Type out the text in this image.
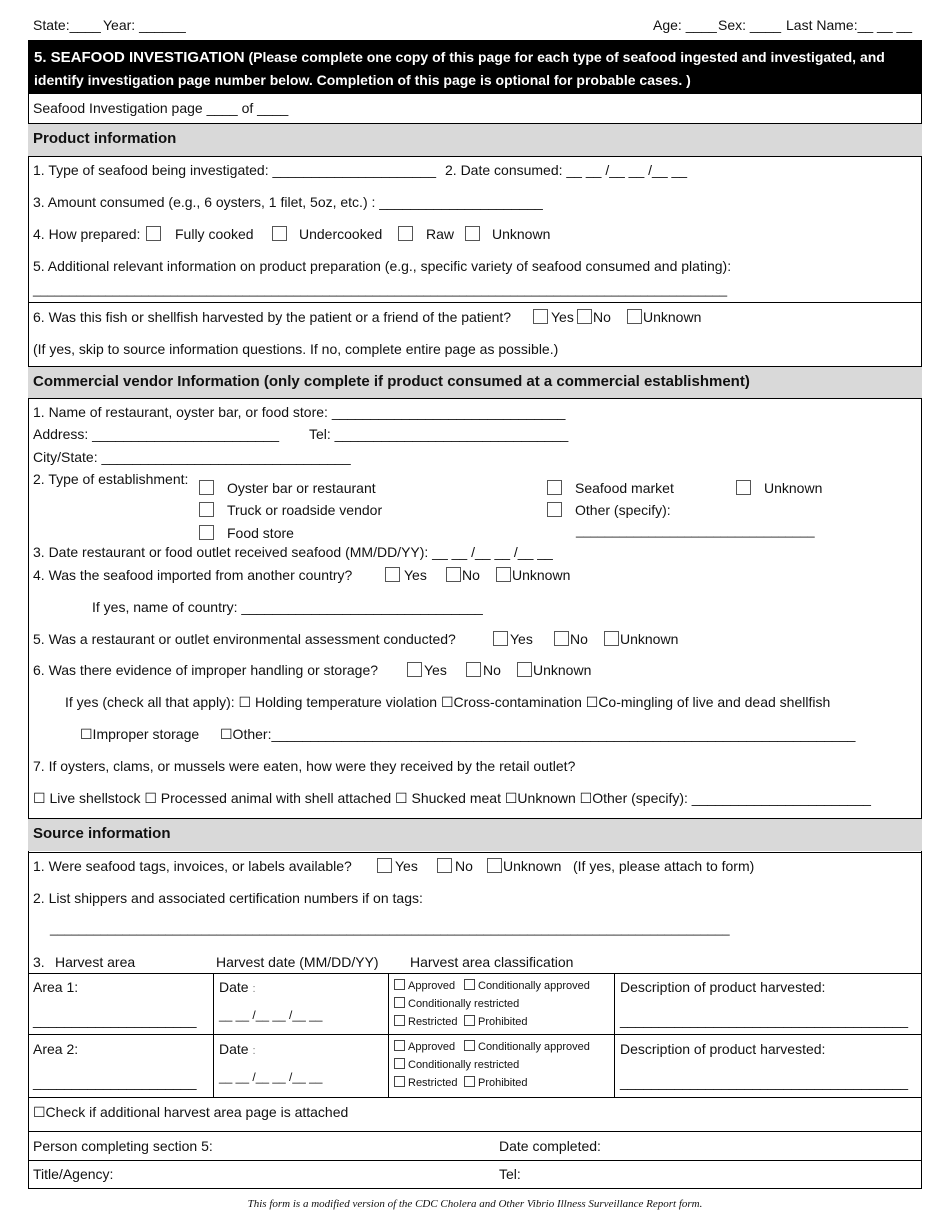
State:____ Year: ______	Age: ____ Sex: ____ Last Name:__ __ __
5. SEAFOOD INVESTIGATION (Please complete one copy of this page for each type of seafood ingested and investigated, and identify investigation page number below. Completion of this page is optional for probable cases. )
Seafood Investigation page ____ of ____
Product information
1. Type of seafood being investigated: _____________________ 2. Date consumed: __ __ /__ __ /__ __
3. Amount consumed (e.g., 6 oysters, 1 filet, 5oz, etc.) : _____________________
4. How prepared:	Fully cooked	Undercooked	Raw	Unknown
5. Additional relevant information on product preparation (e.g., specific variety of seafood consumed and plating):
________________________________________________________________________________________________
6. Was this fish or shellfish harvested by the patient or a friend of the patient?	Yes	No	Unknown
(If yes, skip to source information questions. If no, complete entire page as possible.)
Commercial vendor Information (only complete if product consumed at a commercial establishment)
1. Name of restaurant, oyster bar, or food store: ______________________________
Address: ________________________ Tel: ______________________________
City/State: ________________________________
2. Type of establishment:
Oyster bar or restaurant
Truck or roadside vendor
Food store
Seafood market
Other (specify):
Unknown
_________________________________
3. Date restaurant or food outlet received seafood (MM/DD/YY): __ __ /__ __ /__ __
4. Was the seafood imported from another country?	Yes	No	Unknown
If yes, name of country: _______________________________
5. Was a restaurant or outlet environmental assessment conducted?	Yes	No	Unknown
6. Was there evidence of improper handling or storage?	Yes	No	Unknown
If yes (check all that apply): ☐ Holding temperature violation ☐Cross-contamination ☐Co-mingling of live and dead shellfish
☐Improper storage ☐Other:___________________________________________________________________________
7. If oysters, clams, or mussels were eaten, how were they received by the retail outlet?
☐ Live shellstock ☐ Processed animal with shell attached ☐ Shucked meat ☐Unknown ☐Other (specify): _______________________
Source information
1. Were seafood tags, invoices, or labels available?	Yes	No	Unknown (If yes, please attach to form)
2. List shippers and associated certification numbers if on tags:
______________________________________________________________________________________________
3. Harvest area	Harvest date (MM/DD/YY) Harvest area classification
Area 1:
_____________________
Date :
__ __ /__ __ /__ __
Approved	Conditionally approved
Conditionally restricted
Restricted	Prohibited
Description of product harvested:
_____________________________________
Area 2:
_____________________
Date :
__ __ /__ __ /__ __
Approved	Conditionally approved
Conditionally restricted
Restricted	Prohibited
Description of product harvested:
_____________________________________
☐Check if additional harvest area page is attached
Person completing section 5:	Date completed:
Title/Agency:	Tel:
This form is a modified version of the CDC Cholera and Other Vibrio Illness Surveillance Report form.
